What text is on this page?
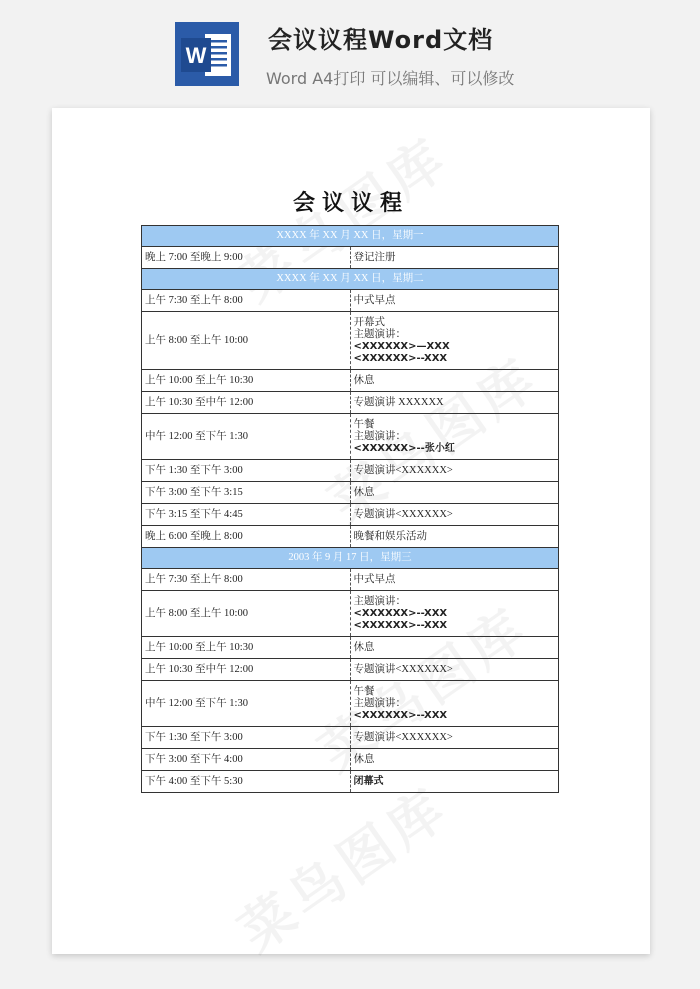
W
会议议程Word文档
Word A4打印 可以编辑、可以修改
会议议程
XXXX 年 XX 月 XX 日，星期一	
晚上 7:00 至晚上 9:00	登记注册

XXXX 年 XX 月 XX 日，星期二	
上午 7:30 至上午 8:00	中式早点

上午 8:00 至上午 10:00	开幕式
主题演讲：
<XXXXXX>—XXX
<XXXXXX>--XXX

上午 10:00 至上午 10:30	休息

上午 10:30 至中午 12:00	专题演讲 XXXXXX

中午 12:00 至下午 1:30	午餐
主题演讲：
<XXXXXX>--张小红

下午 1:30 至下午 3:00	专题演讲<XXXXXX>

下午 3:00 至下午 3:15	休息

下午 3:15 至下午 4:45	专题演讲<XXXXXX>

晚上 6:00 至晚上 8:00	晚餐和娱乐活动

2003 年 9 月 17 日，星期三	
上午 7:30 至上午 8:00	中式早点

上午 8:00 至上午 10:00	主题演讲：
<XXXXXX>--XXX
<XXXXXX>--XXX

上午 10:00 至上午 10:30	休息

上午 10:30 至中午 12:00	专题演讲<XXXXXX>

中午 12:00 至下午 1:30	午餐
主题演讲：
<XXXXXX>--XXX

下午 1:30 至下午 3:00	专题演讲<XXXXXX>

下午 3:00 至下午 4:00	休息

下午 4:00 至下午 5:30	闭幕式
